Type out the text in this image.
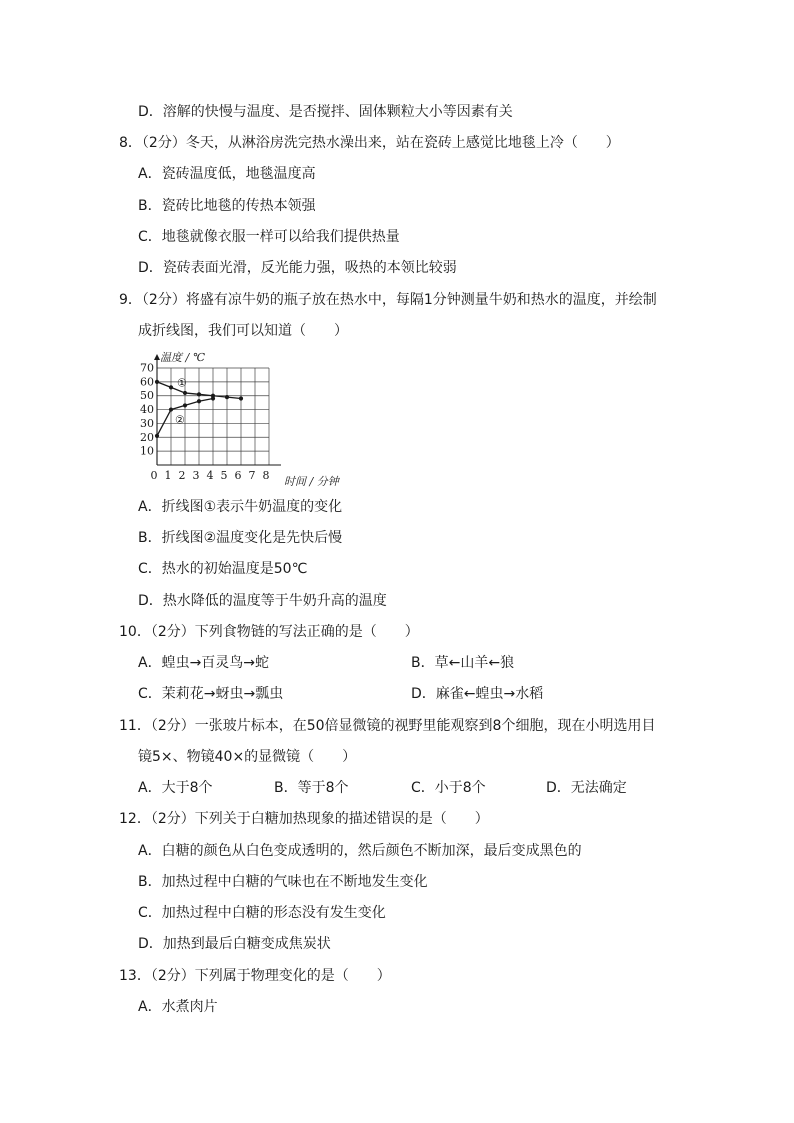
D．溶解的快慢与温度、是否搅拌、固体颗粒大小等因素有关
8．（2分）冬天，从淋浴房洗完热水澡出来，站在瓷砖上感觉比地毯上冷（　　）
A．瓷砖温度低，地毯温度高
B．瓷砖比地毯的传热本领强
C．地毯就像衣服一样可以给我们提供热量
D．瓷砖表面光滑，反光能力强，吸热的本领比较弱
9．（2分）将盛有凉牛奶的瓶子放在热水中，每隔1分钟测量牛奶和热水的温度，并绘制
成折线图，我们可以知道（　　）
10
20
30
40
50
60
70
0 1 2 3 4 5 6 7 8
①
②
温度 / ℃
时间 / 分钟
A．折线图①表示牛奶温度的变化
B．折线图②温度变化是先快后慢
C．热水的初始温度是50℃
D．热水降低的温度等于牛奶升高的温度
10．（2分）下列食物链的写法正确的是（　　）
A．蝗虫→百灵鸟→蛇	B．草←山羊←狼
C．茉莉花→蚜虫→瓢虫	D．麻雀←蝗虫→水稻
11．（2分）一张玻片标本，在50倍显微镜的视野里能观察到8个细胞，现在小明选用目
镜5×、物镜40×的显微镜（　　）
A．大于8个	B．等于8个	C．小于8个	D．无法确定
12．（2分）下列关于白糖加热现象的描述错误的是（　　）
A．白糖的颜色从白色变成透明的，然后颜色不断加深，最后变成黑色的
B．加热过程中白糖的气味也在不断地发生变化
C．加热过程中白糖的形态没有发生变化
D．加热到最后白糖变成焦炭状
13．（2分）下列属于物理变化的是（　　）
A．水煮肉片
